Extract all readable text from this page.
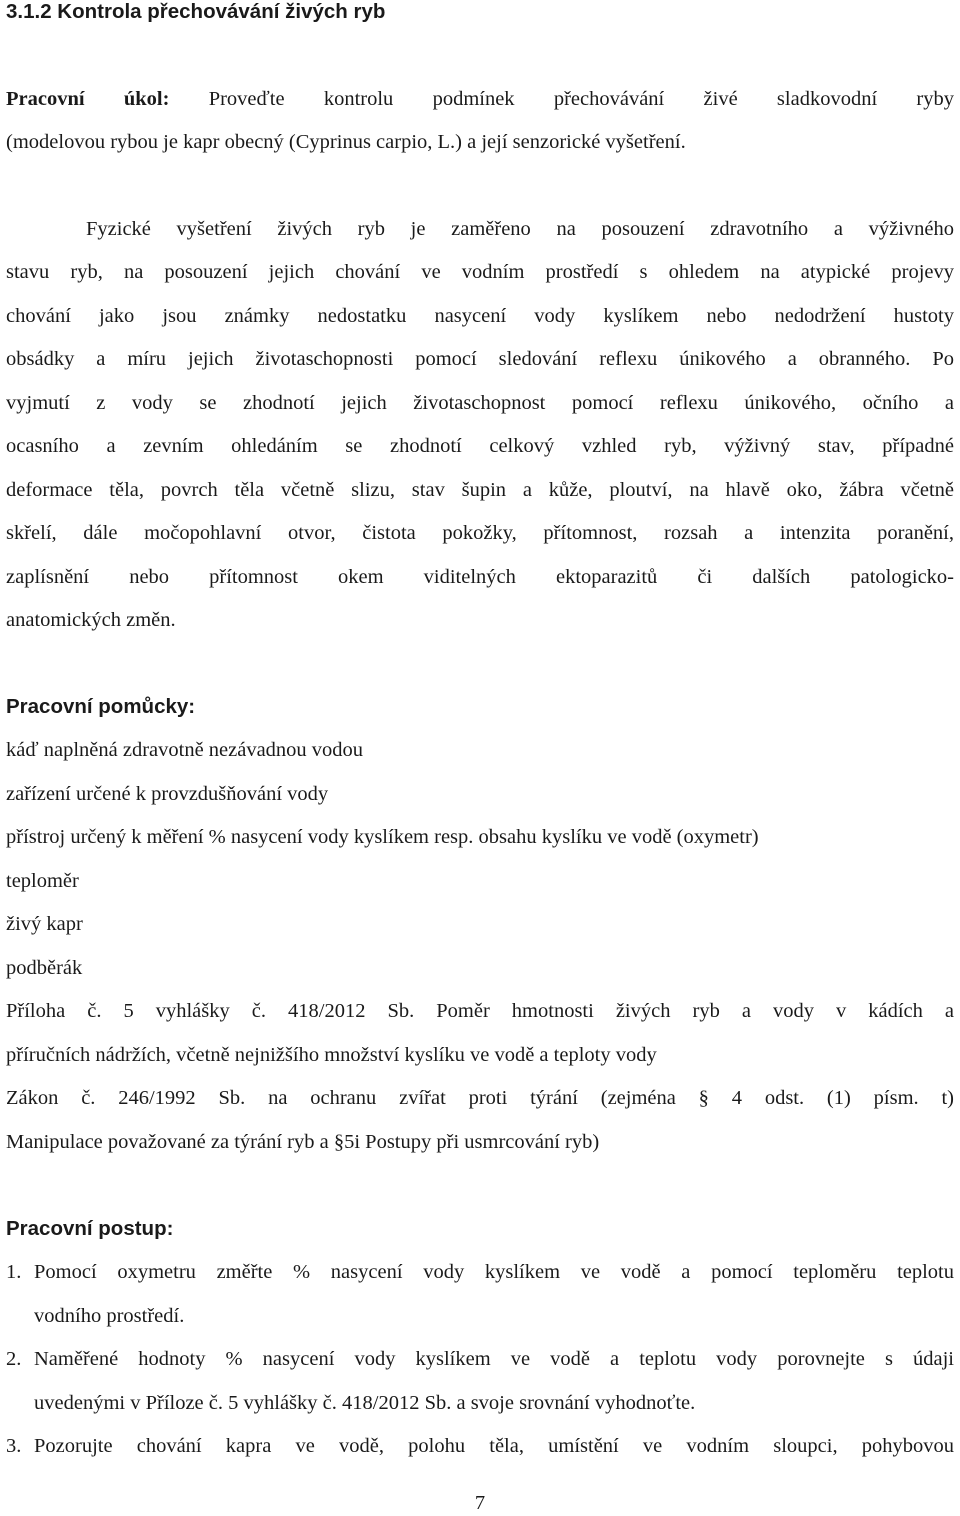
3.1.2 Kontrola přechovávání živých ryb
Pracovní úkol: Proveďte kontrolu podmínek přechovávání živé sladkovodní ryby
(modelovou rybou je kapr obecný (Cyprinus carpio, L.) a její senzorické vyšetření.
Fyzické vyšetření živých ryb je zaměřeno na posouzení zdravotního a výživného
stavu ryb, na posouzení jejich chování ve vodním prostředí s ohledem na atypické projevy
chování jako jsou známky nedostatku nasycení vody kyslíkem nebo nedodržení hustoty
obsádky a míru jejich životaschopnosti pomocí sledování reflexu únikového a obranného. Po
vyjmutí z vody se zhodnotí jejich životaschopnost pomocí reflexu únikového, očního a
ocasního a zevním ohledáním se zhodnotí celkový vzhled ryb, výživný stav, případné
deformace těla, povrch těla včetně slizu, stav šupin a kůže, ploutví, na hlavě oko, žábra včetně
skřelí, dále močopohlavní otvor, čistota pokožky, přítomnost, rozsah a intenzita poranění,
zaplísnění nebo přítomnost okem viditelných ektoparazitů či dalších patologicko-
anatomických změn.
Pracovní pomůcky:
káď naplněná zdravotně nezávadnou vodou
zařízení určené k provzdušňování vody
přístroj určený k měření % nasycení vody kyslíkem resp. obsahu kyslíku ve vodě (oxymetr)
teploměr
živý kapr
podběrák
Příloha č. 5 vyhlášky č. 418/2012 Sb. Poměr hmotnosti živých ryb a vody v kádích a
příručních nádržích, včetně nejnižšího množství kyslíku ve vodě a teploty vody
Zákon č. 246/1992 Sb. na ochranu zvířat proti týrání (zejména § 4 odst. (1) písm. t)
Manipulace považované za týrání ryb a §5i Postupy při usmrcování ryb)
Pracovní postup:
1. Pomocí oxymetru změřte % nasycení vody kyslíkem ve vodě a pomocí teploměru teplotu
vodního prostředí.
2. Naměřené hodnoty % nasycení vody kyslíkem ve vodě a teplotu vody porovnejte s údaji
uvedenými v Příloze č. 5 vyhlášky č. 418/2012 Sb. a svoje srovnání vyhodnoťte.
3. Pozorujte chování kapra ve vodě, polohu těla, umístění ve vodním sloupci, pohybovou
7
